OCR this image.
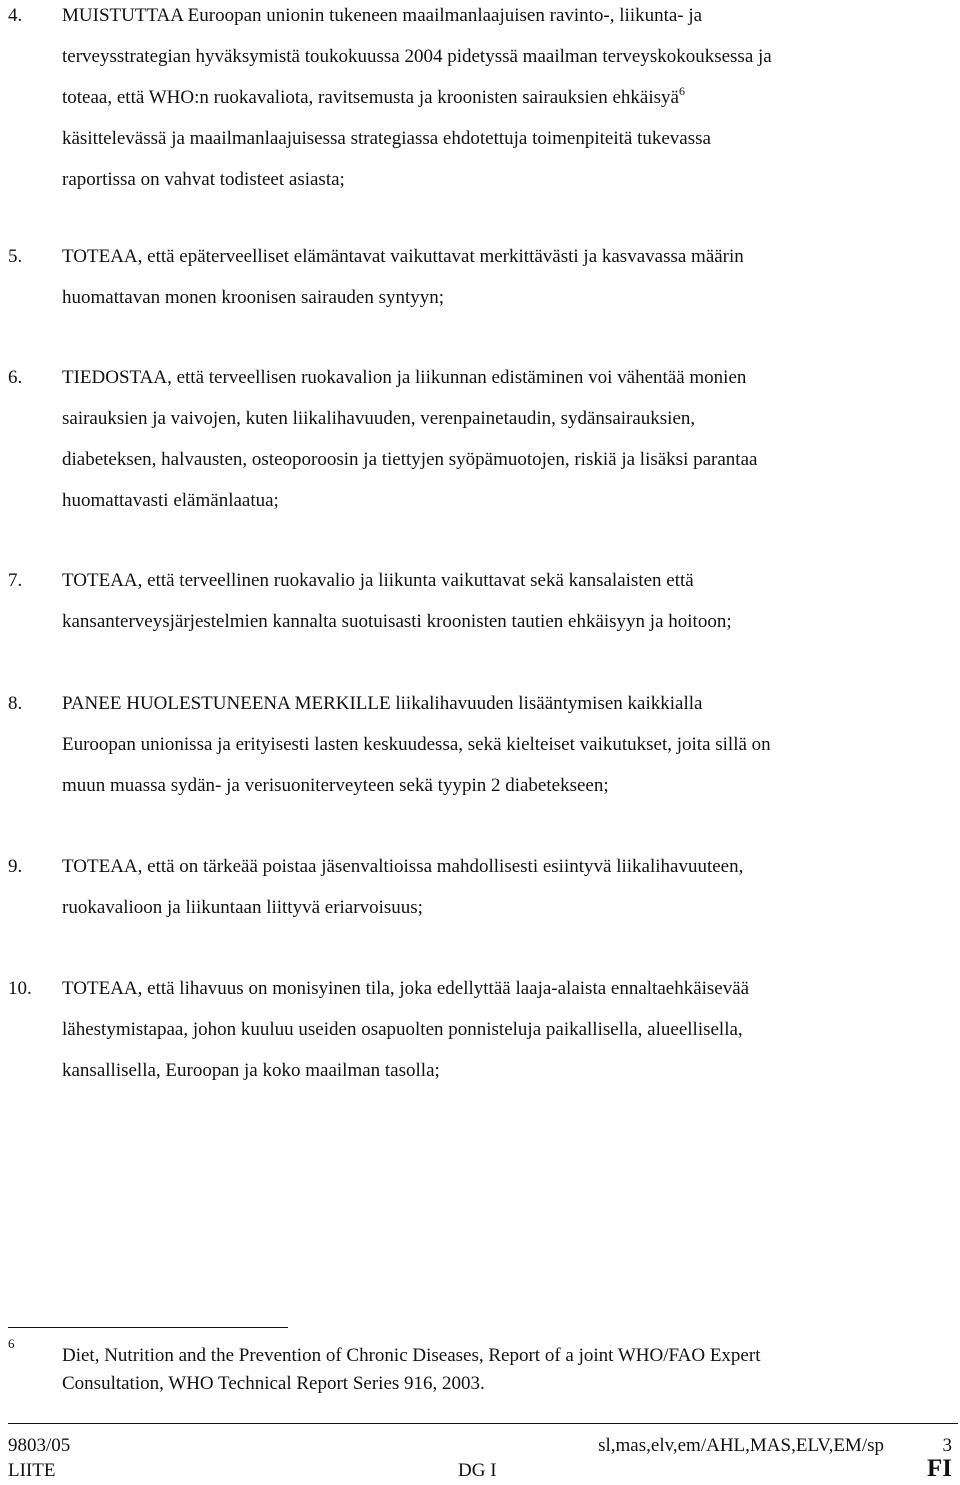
4. MUISTUTTAA Euroopan unionin tukeneen maailmanlaajuisen ravinto-, liikunta- ja
terveysstrategian hyväksymistä toukokuussa 2004 pidetyssä maailman terveyskokouksessa ja
toteaa, että WHO:n ruokavaliota, ravitsemusta ja kroonisten sairauksien ehkäisyä$^6$
käsittelevässä ja maailmanlaajuisessa strategiassa ehdotettuja toimenpiteitä tukevassa
raportissa on vahvat todisteet asiasta;
5. TOTEAA, että epäterveelliset elämäntavat vaikuttavat merkittävästi ja kasvavassa määrin
huomattavan monen kroonisen sairauden syntyyn;
6. TIEDOSTAA, että terveellisen ruokavalion ja liikunnan edistäminen voi vähentää monien
sairauksien ja vaivojen, kuten liikalihavuuden, verenpainetaudin, sydänsairauksien,
diabeteksen, halvausten, osteoporoosin ja tiettyjen syöpämuotojen, riskiä ja lisäksi parantaa
huomattavasti elämänlaatua;
7. TOTEAA, että terveellinen ruokavalio ja liikunta vaikuttavat sekä kansalaisten että
kansanterveysjärjestelmien kannalta suotuisasti kroonisten tautien ehkäisyyn ja hoitoon;
8. PANEE HUOLESTUNEENA MERKILLE liikalihavuuden lisääntymisen kaikkialla
Euroopan unionissa ja erityisesti lasten keskuudessa, sekä kielteiset vaikutukset, joita sillä on
muun muassa sydän- ja verisuoniterveyteen sekä tyypin 2 diabetekseen;
9. TOTEAA, että on tärkeää poistaa jäsenvaltioissa mahdollisesti esiintyvä liikalihavuuteen,
ruokavalioon ja liikuntaan liittyvä eriarvoisuus;
10. TOTEAA, että lihavuus on monisyinen tila, joka edellyttää laaja-alaista ennaltaehkäisevää
lähestymistapaa, johon kuuluu useiden osapuolten ponnisteluja paikallisella, alueellisella,
kansallisella, Euroopan ja koko maailman tasolla;
6
Diet, Nutrition and the Prevention of Chronic Diseases, Report of a joint WHO/FAO Expert
Consultation, WHO Technical Report Series 916, 2003.
9803/05	sl,mas,elv,em/AHL,MAS,ELV,EM/sp	3
LIITE	DG I	FI
